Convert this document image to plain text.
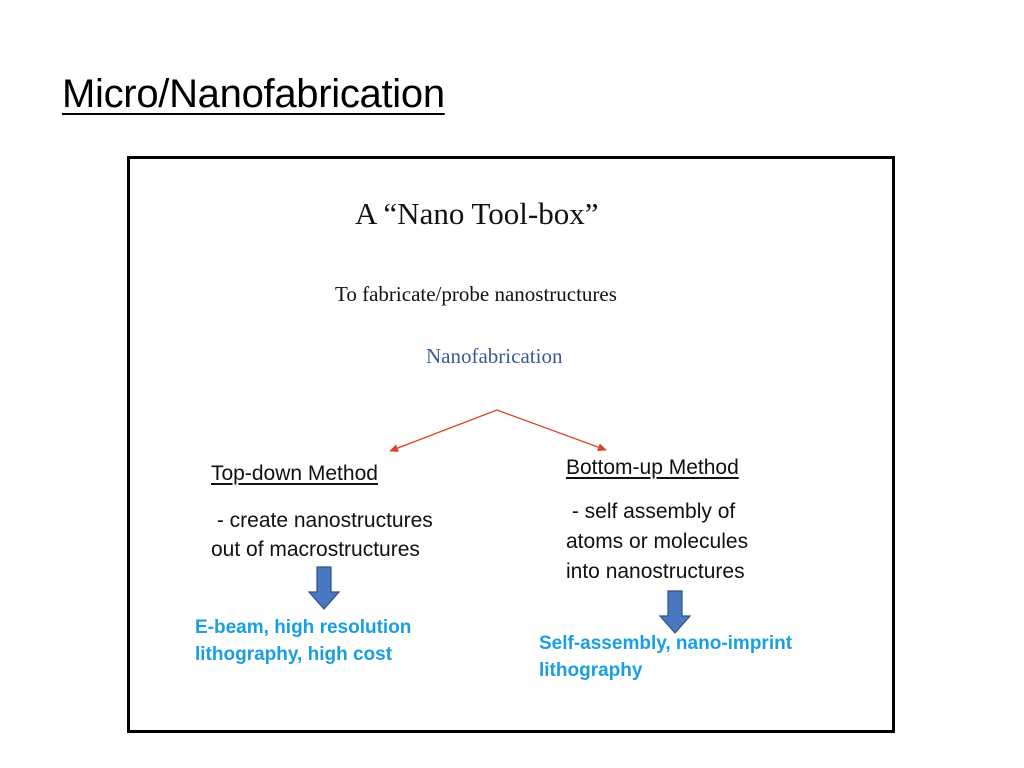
Micro/Nanofabrication
A “Nano Tool-box”
To fabricate/probe nanostructures
Nanofabrication
Top-down Method
- create nanostructures
out of macrostructures
Bottom-up Method
- self assembly of
atoms or molecules
into nanostructures
E-beam, high resolution
lithography, high cost
Self-assembly, nano-imprint
lithography
